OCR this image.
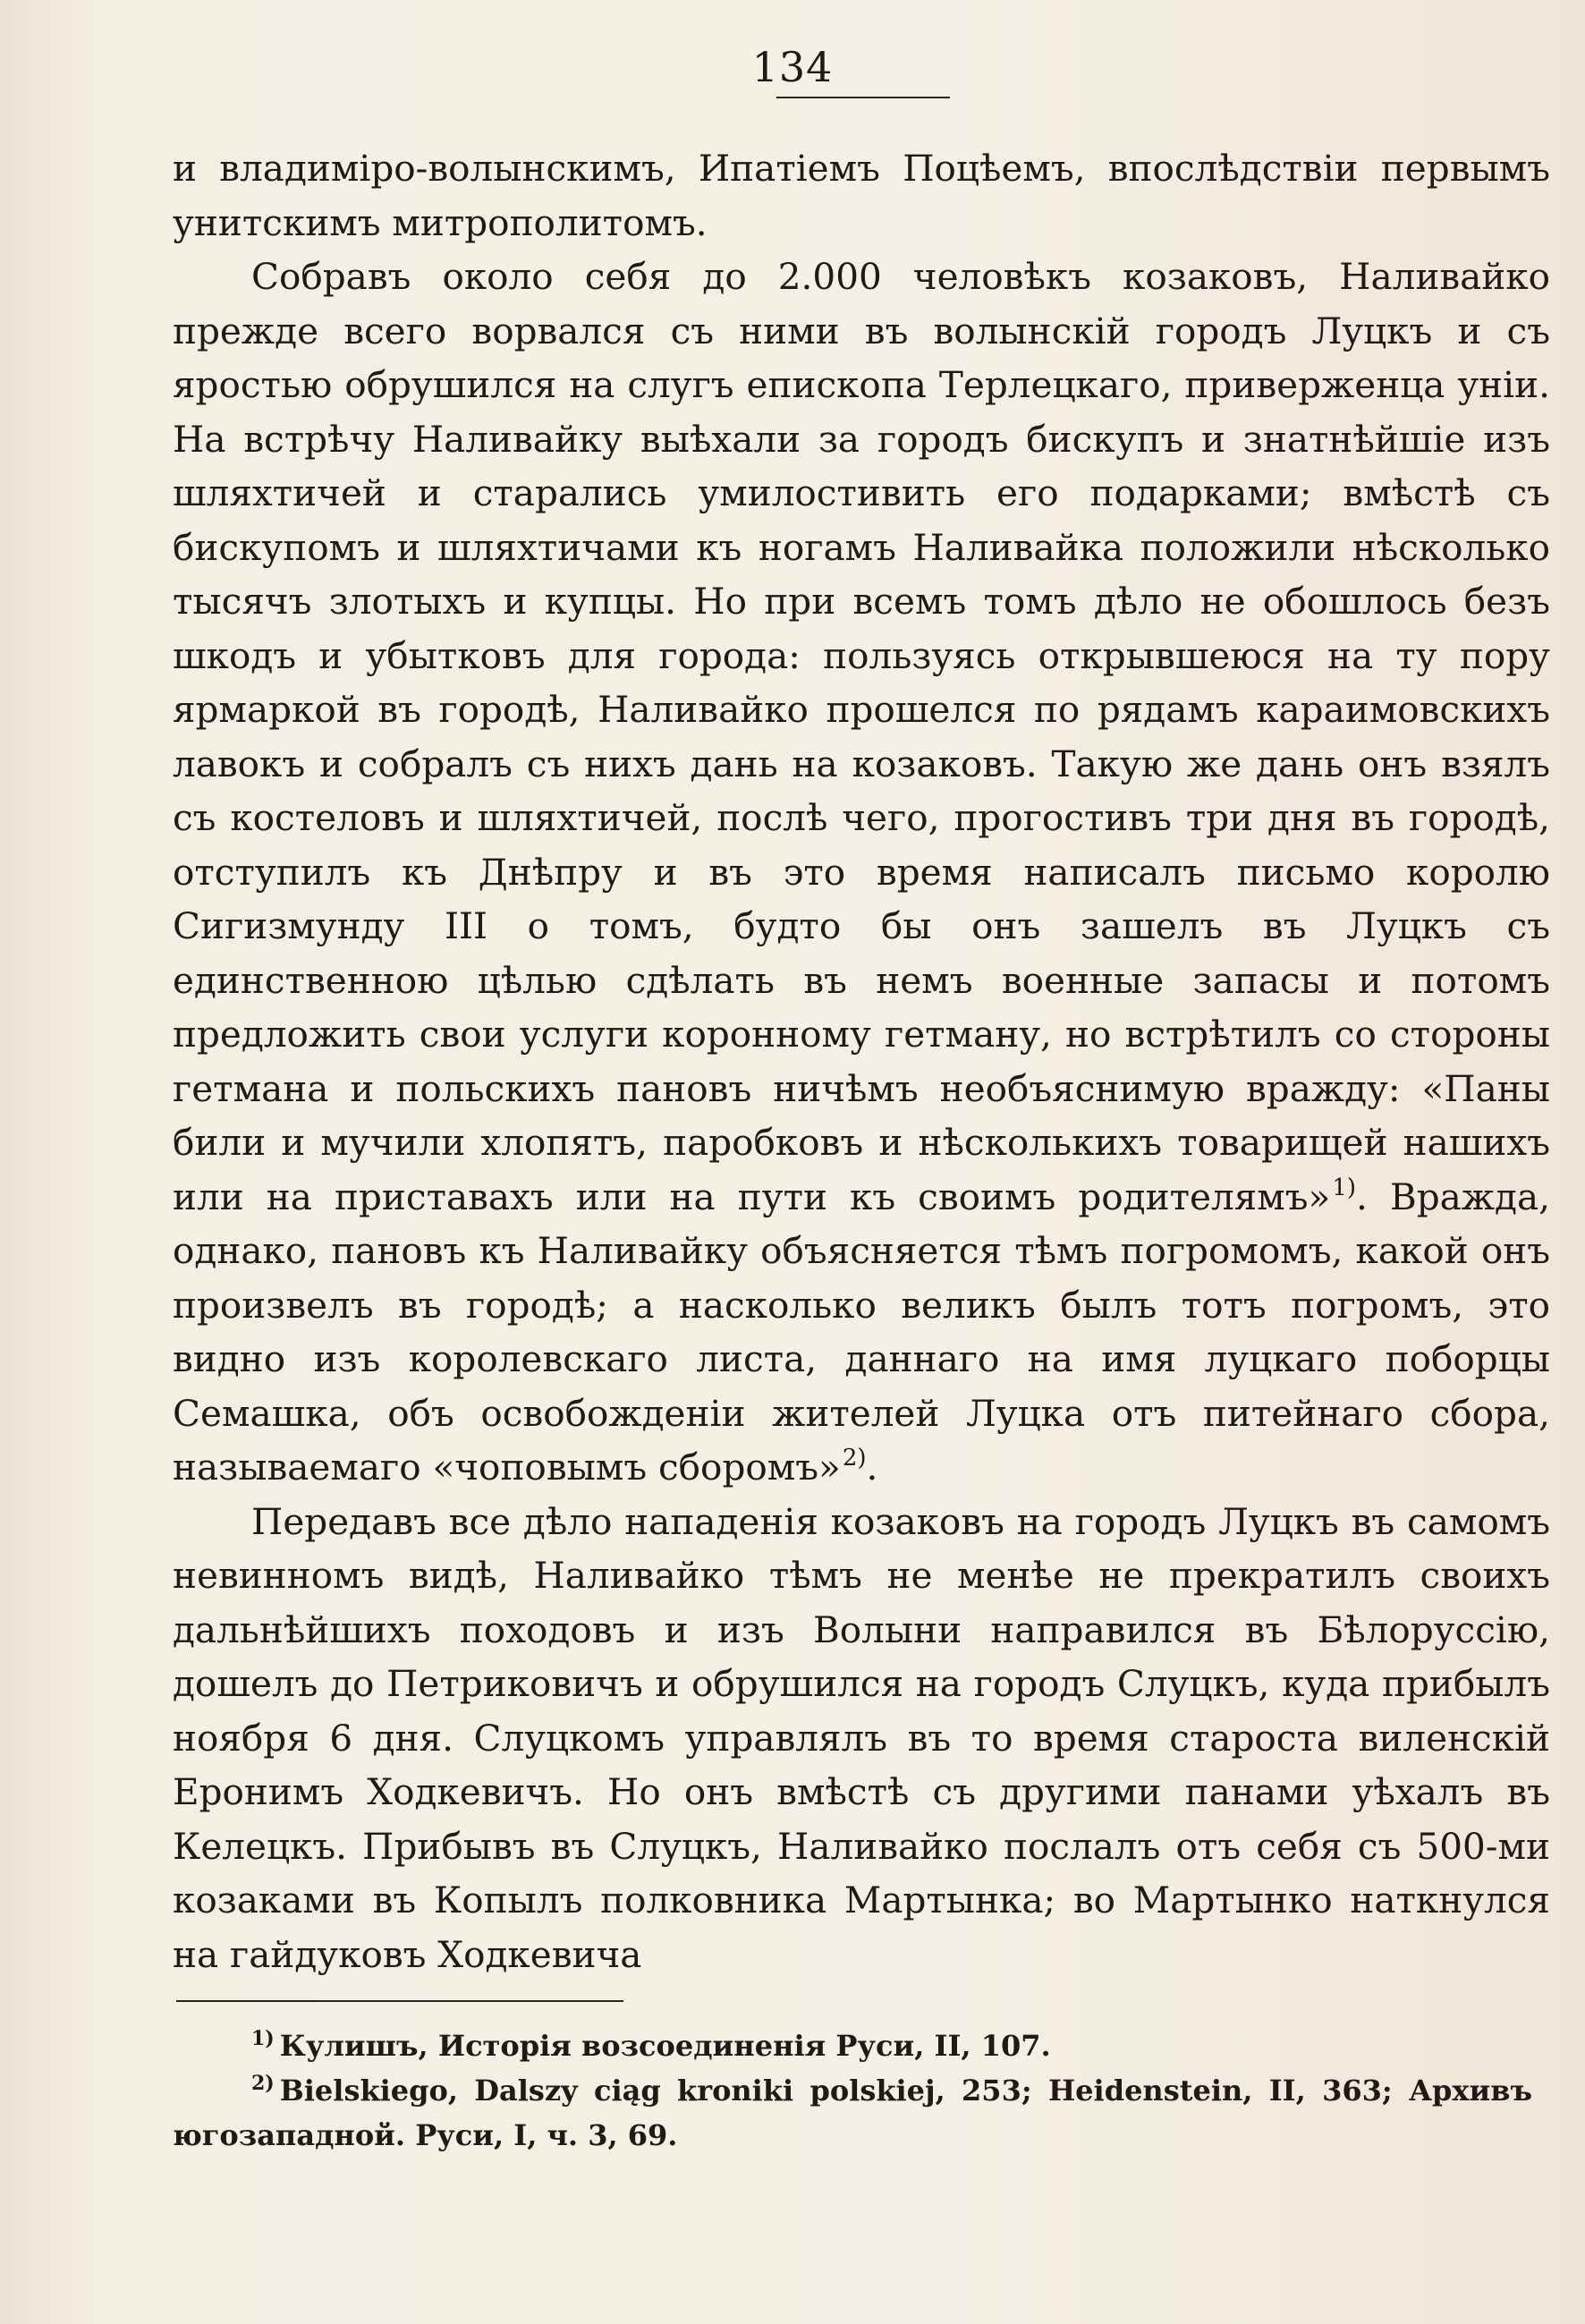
134

и владиміро-волынскимъ, Ипатіемъ Поцѣемъ, впослѣдствіи первымъ унитскимъ митрополитомъ.

Собравъ около себя до 2.000 человѣкъ козаковъ, Наливайко прежде всего ворвался съ ними въ волынскій городъ Луцкъ и съ яростью обрушился на слугъ епископа Терлецкаго, приверженца уніи. На встрѣчу Наливайку выѣхали за городъ бискупъ и знатнѣйшіе изъ шляхтичей и старались умилостивить его подарками; вмѣстѣ съ бискупомъ и шляхтичами къ ногамъ Наливайка положили нѣсколько тысячъ злотыхъ и купцы. Но при всемъ томъ дѣло не обошлось безъ шкодъ и убытковъ для города: пользуясь открывшеюся на ту пору ярмаркой въ городѣ, Наливайко прошелся по рядамъ караимовскихъ лавокъ и собралъ съ нихъ дань на козаковъ. Такую же дань онъ взялъ съ костеловъ и шляхтичей, послѣ чего, прогостивъ три дня въ городѣ, отступилъ къ Днѣпру и въ это время написалъ письмо королю Сигизмунду III о томъ, будто бы онъ зашелъ въ Луцкъ съ единственною цѣлью сдѣлать въ немъ военные запасы и потомъ предложить свои услуги коронному гетману, но встрѣтилъ со стороны гетмана и польскихъ пановъ ничѣмъ необъяснимую вражду: «Паны били и мучили хлопятъ, паробковъ и нѣсколькихъ товарищей нашихъ или на приставахъ или на пути къ своимъ родителямъ»$^{1)}$. Вражда, однако, пановъ къ Наливайку объясняется тѣмъ погромомъ, какой онъ произвелъ въ городѣ; а насколько великъ былъ тотъ погромъ, это видно изъ королевскаго листа, даннаго на имя луцкаго поборцы Семашка, объ освобожденіи жителей Луцка отъ питейнаго сбора, называемаго «чоповымъ сборомъ»$^{2)}$.

Передавъ все дѣло нападенія козаковъ на городъ Луцкъ въ самомъ невинномъ видѣ, Наливайко тѣмъ не менѣе не прекратилъ своихъ дальнѣйшихъ походовъ и изъ Волыни направился въ Бѣлоруссію, дошелъ до Петриковичъ и обрушился на городъ Слуцкъ, куда прибылъ ноября 6 дня. Слуцкомъ управлялъ въ то время староста виленскій Еронимъ Ходкевичъ. Но онъ вмѣстѣ съ другими панами уѣхалъ въ Келецкъ. Прибывъ въ Слуцкъ, Наливайко послалъ отъ себя съ 500-ми козаками въ Копылъ полковника Мартынка; во Мартынко наткнулся на гайдуковъ Ходкевича

$^{1)}$ Кулишъ, Исторія возсоединенія Руси, II, 107.

$^{2)}$ Bielskiego, Dalszy ciąg kroniki polskiej, 253; Heidenstein, II, 363; Архивъ югозападной. Руси, I, ч. 3, 69.
